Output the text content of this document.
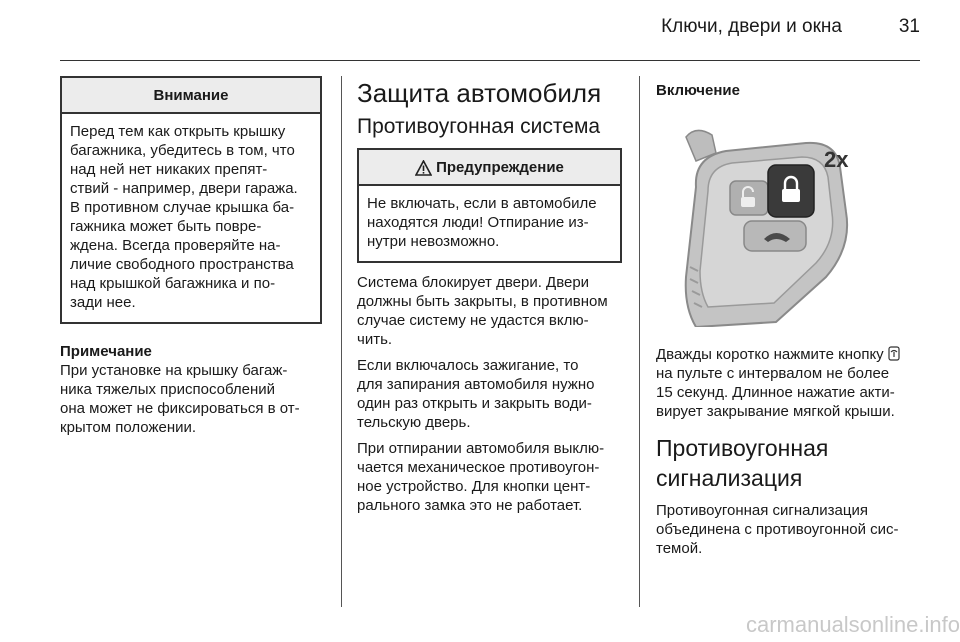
Ключи, двери и окна	31
Внимание
Перед тем как открыть крышку
багажника, убедитесь в том, что
над ней нет никаких препят-
ствий - например, двери гаража.
В противном случае крышка ба-
гажника может быть повре-
ждена. Всегда проверяйте на-
личие свободного пространства
над крышкой багажника и по-
зади нее.
Примечание
При установке на крышку багаж-
ника тяжелых приспособлений
она может не фиксироваться в от-
крытом положении.
Защита автомобиля
Противоугонная система
Предупреждение
Не включать, если в автомобиле
находятся люди! Отпирание из-
нутри невозможно.
Система блокирует двери. Двери
должны быть закрыты, в противном
случае систему не удастся вклю-
чить.
Если включалось зажигание, то
для запирания автомобиля нужно
один раз открыть и закрыть води-
тельскую дверь.
При отпирании автомобиля выклю-
чается механическое противоугон-
ное устройство. Для кнопки цент-
рального замка это не работает.
Включение
2x
Дважды коротко нажмите кнопку
на пульте с интервалом не более
15 секунд. Длинное нажатие акти-
вирует закрывание мягкой крыши.
Противоугонная
сигнализация
Противоугонная сигнализация
объединена с противоугонной сис-
темой.
carmanualsonline.info
